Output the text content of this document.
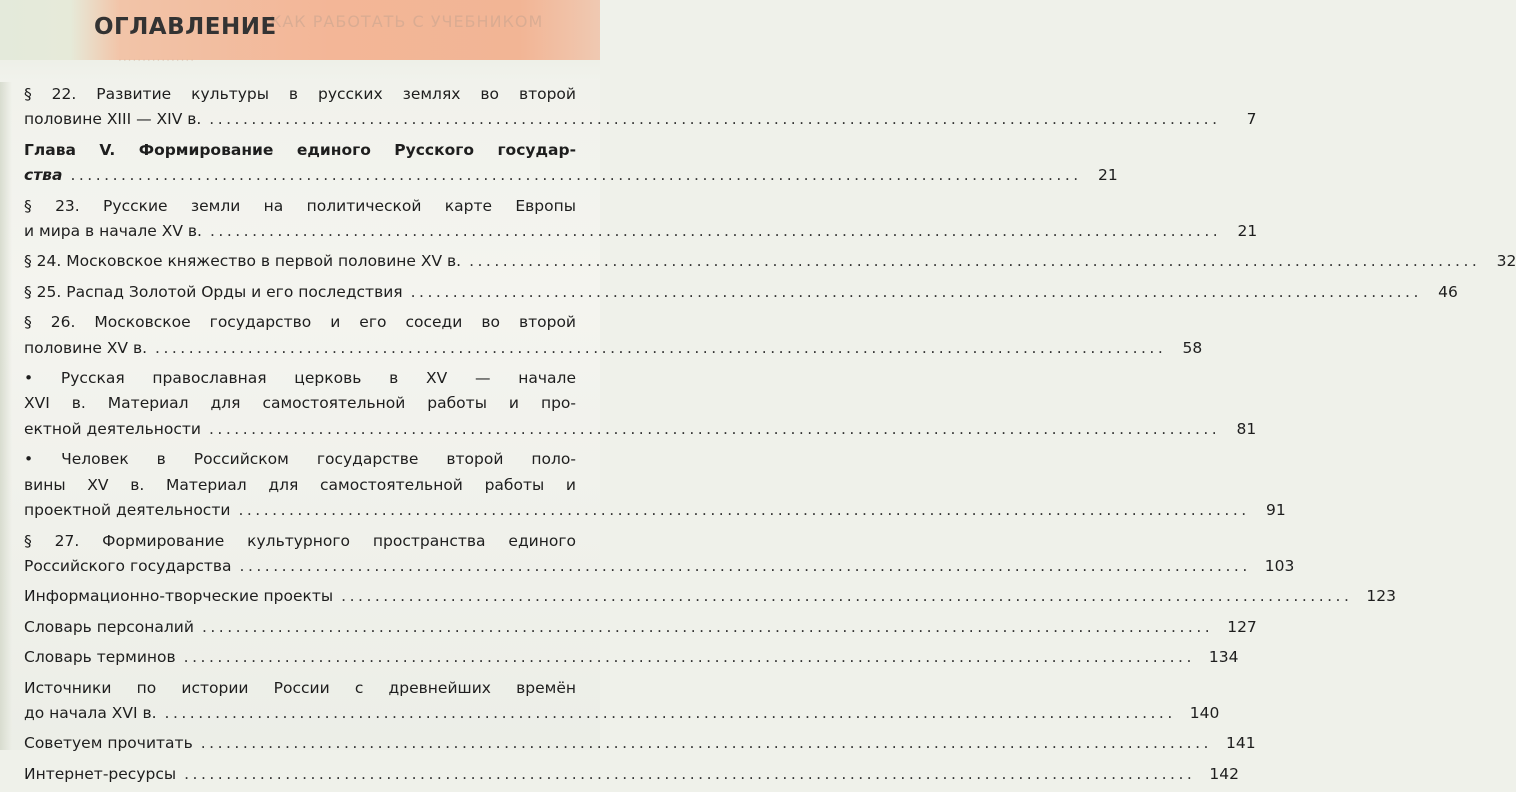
КАК РАБОТАТЬ С УЧЕБНИКОМ
................
ОГЛАВЛЕНИЕ
§ 22. Развитие культуры в русских землях во второй
половине XIII — XIV в. ........................................................................................................................	7
Глава V. Формирование единого Русского государ-
ства ........................................................................................................................ 21
§ 23. Русские земли на политической карте Европы
и мира в начале XV в. ........................................................................................................................ 21
§ 24. Московское княжество в первой половине XV в. ........................................................................................................................ 32
§ 25. Распад Золотой Орды и его последствия ........................................................................................................................ 46
§ 26. Московское государство и его соседи во второй
половине XV в. ........................................................................................................................ 58
• Русская православная церковь в XV — начале
XVI в. Материал для самостоятельной работы и про-
ектной деятельности ........................................................................................................................ 81
• Человек в Российском государстве второй поло-
вины XV в. Материал для самостоятельной работы и
проектной деятельности ........................................................................................................................ 91
§ 27. Формирование культурного пространства единого
Российского государства ........................................................................................................................ 103
Информационно-творческие проекты ........................................................................................................................ 123
Словарь персоналий ........................................................................................................................ 127
Словарь терминов ........................................................................................................................ 134
Источники по истории России с древнейших времён
до начала XVI в. ........................................................................................................................ 140
Советуем прочитать ........................................................................................................................ 141
Интернет-ресурсы ........................................................................................................................ 142
